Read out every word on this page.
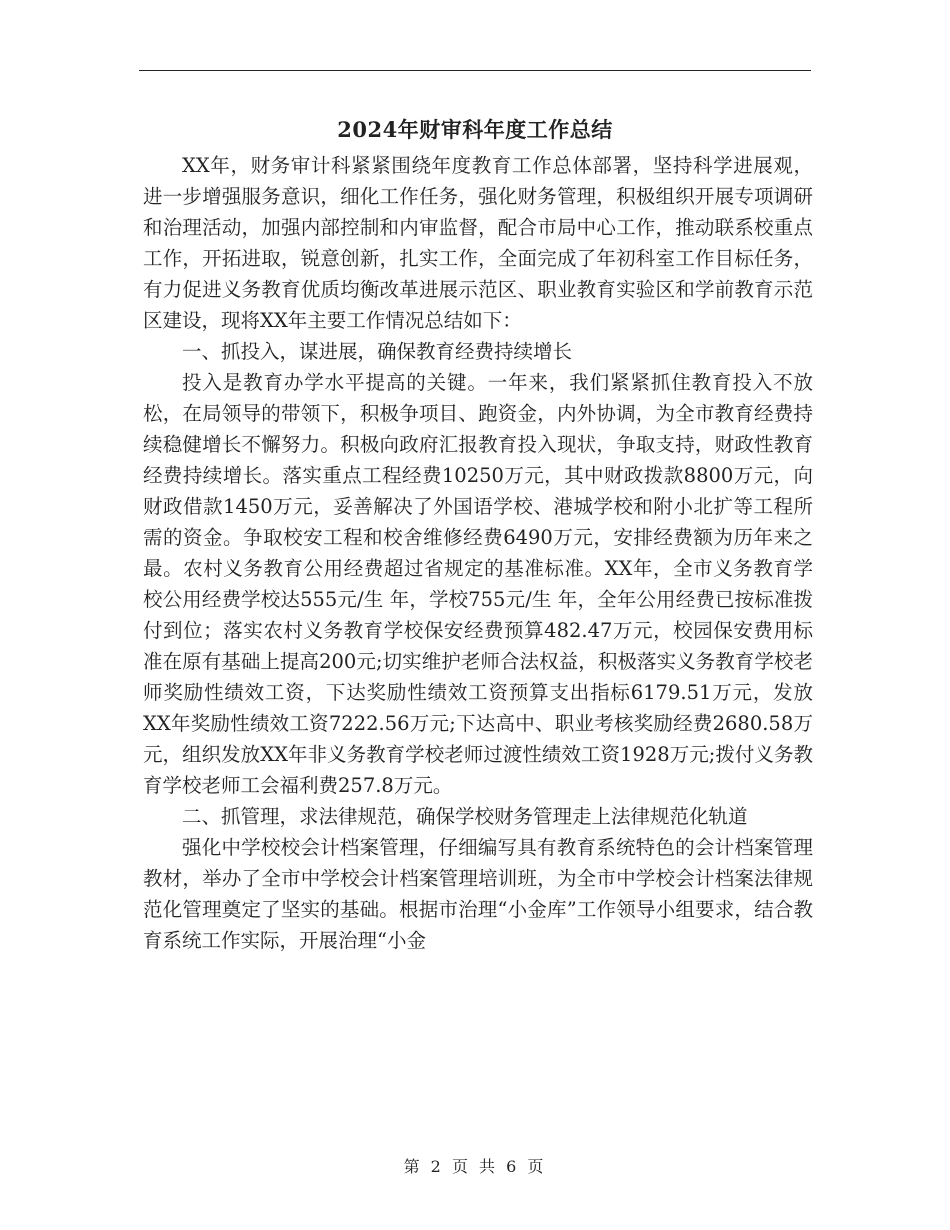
2024年财审科年度工作总结

XX年，财务审计科紧紧围绕年度教育工作总体部署，坚持科学进展观，进一步增强服务意识，细化工作任务，强化财务管理，积极组织开展专项调研和治理活动，加强内部控制和内审监督，配合市局中心工作，推动联系校重点工作，开拓进取，锐意创新，扎实工作，全面完成了年初科室工作目标任务，有力促进义务教育优质均衡改革进展示范区、职业教育实验区和学前教育示范区建设，现将XX年主要工作情况总结如下：

一、抓投入，谋进展，确保教育经费持续增长

投入是教育办学水平提高的关键。一年来，我们紧紧抓住教育投入不放松，在局领导的带领下，积极争项目、跑资金，内外协调，为全市教育经费持续稳健增长不懈努力。积极向政府汇报教育投入现状，争取支持，财政性教育经费持续增长。落实重点工程经费10250万元，其中财政拨款8800万元，向财政借款1450万元，妥善解决了外国语学校、港城学校和附小北扩等工程所需的资金。争取校安工程和校舍维修经费6490万元，安排经费额为历年来之最。农村义务教育公用经费超过省规定的基准标准。XX年，全市义务教育学校公用经费学校达555元/生 年，学校755元/生 年，全年公用经费已按标准拨付到位；落实农村义务教育学校保安经费预算482.47万元，校园保安费用标准在原有基础上提高200元;切实维护老师合法权益，积极落实义务教育学校老师奖励性绩效工资，下达奖励性绩效工资预算支出指标6179.51万元，发放XX年奖励性绩效工资7222.56万元;下达高中、职业考核奖励经费2680.58万元，组织发放XX年非义务教育学校老师过渡性绩效工资1928万元;拨付义务教育学校老师工会福利费257.8万元。

二、抓管理，求法律规范，确保学校财务管理走上法律规范化轨道

强化中学校校会计档案管理，仔细编写具有教育系统特色的会计档案管理教材，举办了全市中学校会计档案管理培训班，为全市中学校会计档案法律规范化管理奠定了坚实的基础。根据市治理“小金库”工作领导小组要求，结合教育系统工作实际，开展治理“小金

第 2 页 共 6 页
